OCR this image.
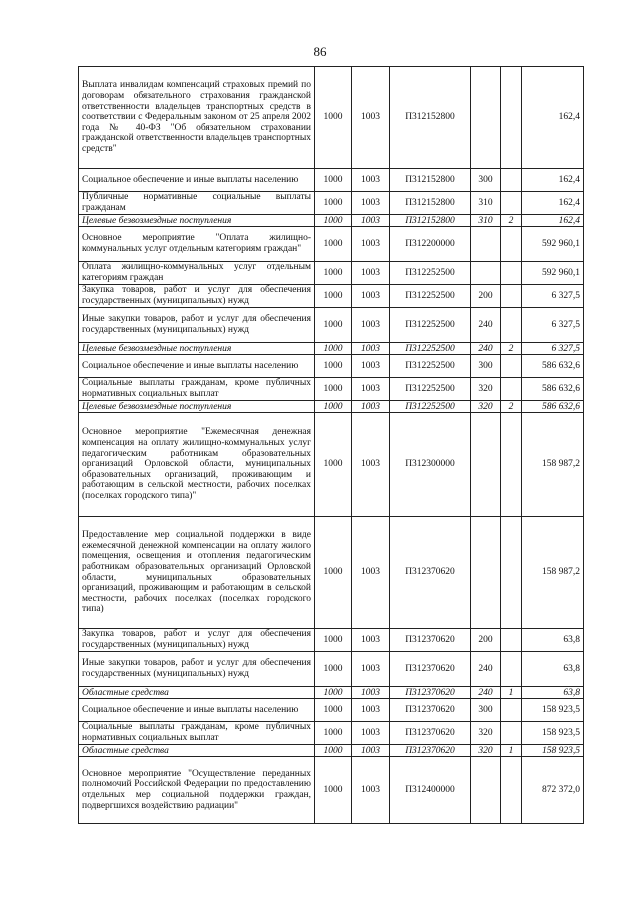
86
Выплата инвалидам компенсаций страховых премий по договорам обязательного страхования гражданской ответственности владельцев транспортных средств в соответствии с Федеральным законом от 25 апреля 2002 года № 40-ФЗ "Об обязательном страховании гражданской ответственности владельцев транспортных средств"	1000	1003	П312152800			162,4
Социальное обеспечение и иные выплаты населению	1000	1003	П312152800	300		162,4
Публичные нормативные социальные выплаты гражданам	1000	1003	П312152800	310		162,4
Целевые безвозмездные поступления	1000	1003	П312152800	310	2	162,4
Основное мероприятие "Оплата жилищно-коммунальных услуг отдельным категориям граждан"	1000	1003	П312200000			592 960,1
Оплата жилищно-коммунальных услуг отдельным категориям граждан	1000	1003	П312252500			592 960,1
Закупка товаров, работ и услуг для обеспечения государственных (муниципальных) нужд	1000	1003	П312252500	200		6 327,5
Иные закупки товаров, работ и услуг для обеспечения государственных (муниципальных) нужд	1000	1003	П312252500	240		6 327,5
Целевые безвозмездные поступления	1000	1003	П312252500	240	2	6 327,5
Социальное обеспечение и иные выплаты населению	1000	1003	П312252500	300		586 632,6
Социальные выплаты гражданам, кроме публичных нормативных социальных выплат	1000	1003	П312252500	320		586 632,6
Целевые безвозмездные поступления	1000	1003	П312252500	320	2	586 632,6
Основное мероприятие "Ежемесячная денежная компенсация на оплату жилищно-коммунальных услуг педагогическим работникам образовательных организаций Орловской области, муниципальных образовательных организаций, проживающим и работающим в сельской местности, рабочих поселках (поселках городского типа)"	1000	1003	П312300000			158 987,2
Предоставление мер социальной поддержки в виде ежемесячной денежной компенсации на оплату жилого помещения, освещения и отопления педагогическим работникам образовательных организаций Орловской области, муниципальных образовательных организаций, проживающим и работающим в сельской местности, рабочих поселках (поселках городского типа)	1000	1003	П312370620			158 987,2
Закупка товаров, работ и услуг для обеспечения государственных (муниципальных) нужд	1000	1003	П312370620	200		63,8
Иные закупки товаров, работ и услуг для обеспечения государственных (муниципальных) нужд	1000	1003	П312370620	240		63,8
Областные средства	1000	1003	П312370620	240	1	63,8
Социальное обеспечение и иные выплаты населению	1000	1003	П312370620	300		158 923,5
Социальные выплаты гражданам, кроме публичных нормативных социальных выплат	1000	1003	П312370620	320		158 923,5
Областные средства	1000	1003	П312370620	320	1	158 923,5
Основное мероприятие "Осуществление переданных полномочий Российской Федерации по предоставлению отдельных мер социальной поддержки граждан, подвергшихся воздействию радиации"	1000	1003	П312400000			872 372,0
